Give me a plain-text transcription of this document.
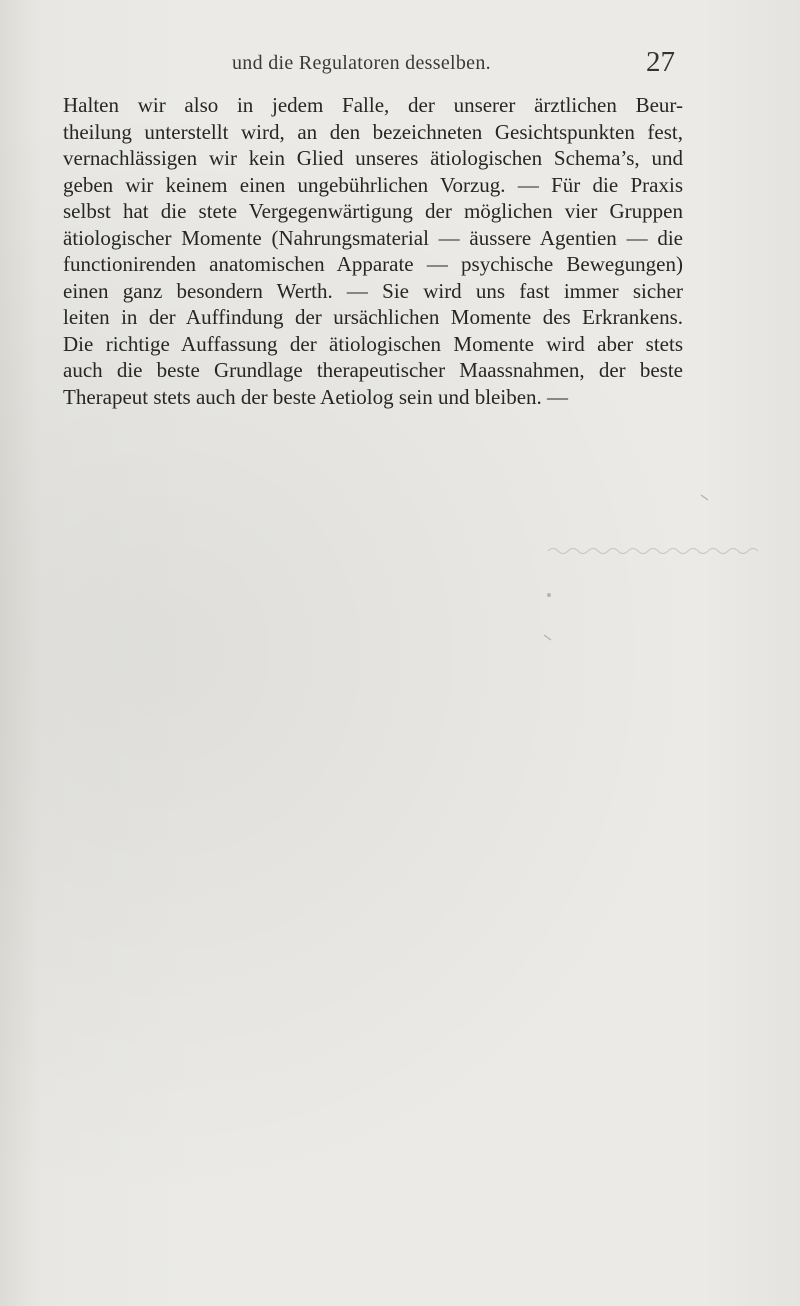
und die Regulatoren desselben.	27
Halten wir also in jedem Falle, der unserer ärztlichen Beur-
theilung unterstellt wird, an den bezeichneten Gesichtspunkten fest,
vernachlässigen wir kein Glied unseres ätiologischen Schema’s, und
geben wir keinem einen ungebührlichen Vorzug. — Für die Praxis
selbst hat die stete Vergegenwärtigung der möglichen vier Gruppen
ätiologischer Momente (Nahrungsmaterial — äussere Agentien — die
functionirenden anatomischen Apparate — psychische Bewegungen)
einen ganz besondern Werth. — Sie wird uns fast immer sicher
leiten in der Auffindung der ursächlichen Momente des Erkrankens.
Die richtige Auffassung der ätiologischen Momente wird aber stets
auch die beste Grundlage therapeutischer Maassnahmen, der beste
Therapeut stets auch der beste Aetiolog sein und bleiben. —
